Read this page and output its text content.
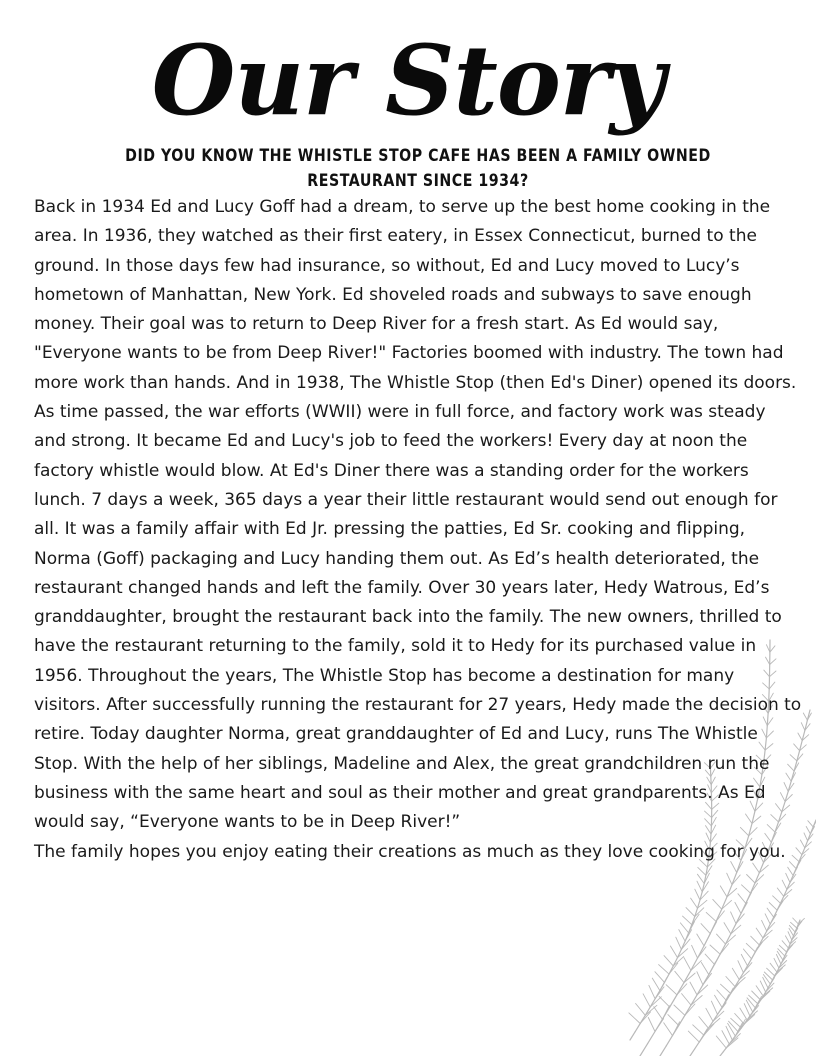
Our Story
DID YOU KNOW THE WHISTLE STOP CAFE HAS BEEN A FAMILY OWNED
RESTAURANT SINCE 1934?

Back in 1934 Ed and Lucy Goff had a dream, to serve up the best home cooking in the area. In 1936, they watched as their first eatery, in Essex Connecticut, burned to the ground. In those days few had insurance, so without, Ed and Lucy moved to Lucy’s hometown of Manhattan, New York. Ed shoveled roads and subways to save enough money. Their goal was to return to Deep River for a fresh start. As Ed would say, "Everyone wants to be from Deep River!" Factories boomed with industry. The town had more work than hands. And in 1938, The Whistle Stop (then Ed's Diner) opened its doors. As time passed, the war efforts (WWII) were in full force, and factory work was steady and strong. It became Ed and Lucy's job to feed the workers! Every day at noon the factory whistle would blow. At Ed's Diner there was a standing order for the workers lunch. 7 days a week, 365 days a year their little restaurant would send out enough for all. It was a family affair with Ed Jr. pressing the patties, Ed Sr. cooking and flipping, Norma (Goff) packaging and Lucy handing them out. As Ed’s health deteriorated, the restaurant changed hands and left the family. Over 30 years later, Hedy Watrous, Ed’s granddaughter, brought the restaurant back into the family. The new owners, thrilled to have the restaurant returning to the family, sold it to Hedy for its purchased value in 1956. Throughout the years, The Whistle Stop has become a destination for many visitors. After successfully running the restaurant for 27 years, Hedy made the decision to retire. Today daughter Norma, great granddaughter of Ed and Lucy, runs The Whistle Stop. With the help of her siblings, Madeline and Alex, the great grandchildren run the business with the same heart and soul as their mother and great grandparents. As Ed would say, “Everyone wants to be in Deep River!”

The family hopes you enjoy eating their creations as much as they love cooking for you.
